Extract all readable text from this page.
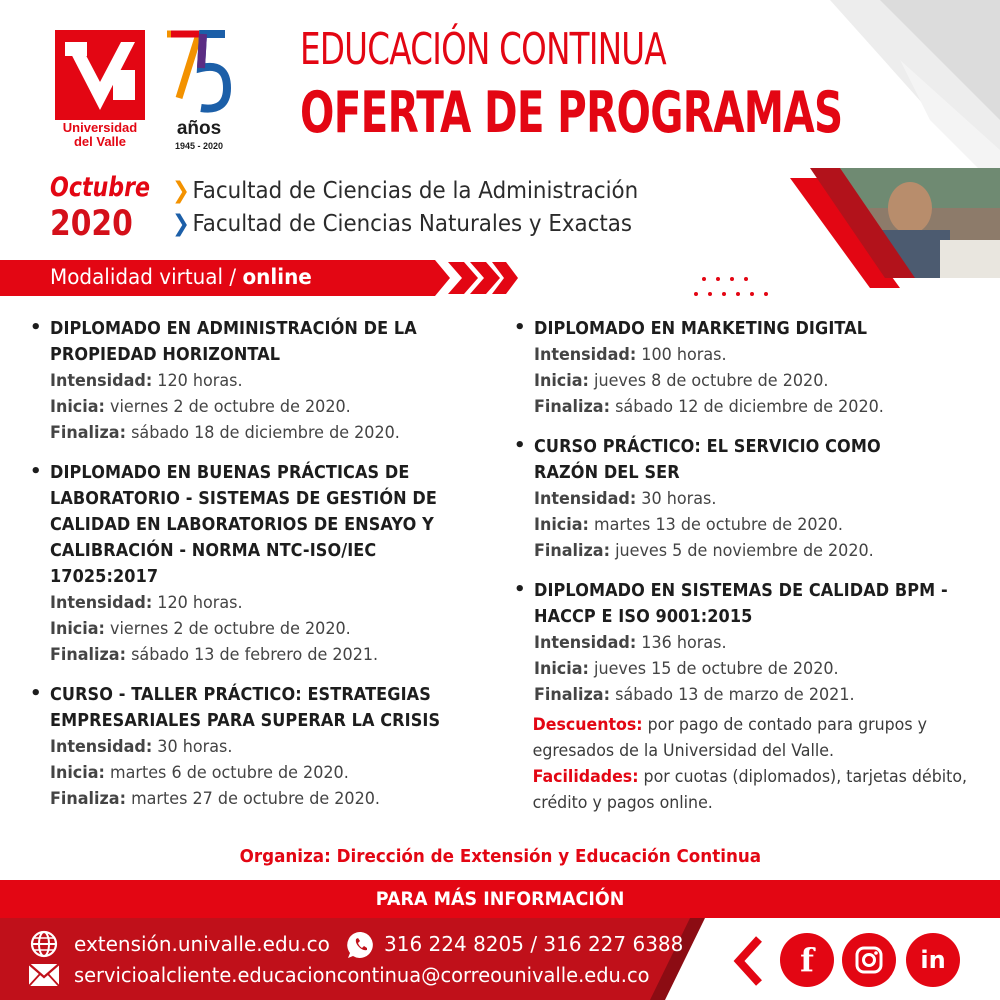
Universidad
del Valle
años
1945 - 2020
EDUCACIÓN CONTINUA
OFERTA DE PROGRAMAS
Octubre
2020
❯ Facultad de Ciencias de la Administración
❯ Facultad de Ciencias Naturales y Exactas
Modalidad virtual / online
• DIPLOMADO EN ADMINISTRACIÓN DE LA PROPIEDAD HORIZONTAL
Intensidad: 120 horas.
Inicia: viernes 2 de octubre de 2020.
Finaliza: sábado 18 de diciembre de 2020.
• DIPLOMADO EN BUENAS PRÁCTICAS DE LABORATORIO - SISTEMAS DE GESTIÓN DE CALIDAD EN LABORATORIOS DE ENSAYO Y CALIBRACIÓN - NORMA NTC-ISO/IEC 17025:2017
Intensidad: 120 horas.
Inicia: viernes 2 de octubre de 2020.
Finaliza: sábado 13 de febrero de 2021.
• CURSO - TALLER PRÁCTICO: ESTRATEGIAS EMPRESARIALES PARA SUPERAR LA CRISIS
Intensidad: 30 horas.
Inicia: martes 6 de octubre de 2020.
Finaliza: martes 27 de octubre de 2020.
• DIPLOMADO EN MARKETING DIGITAL
Intensidad: 100 horas.
Inicia: jueves 8 de octubre de 2020.
Finaliza: sábado 12 de diciembre de 2020.
• CURSO PRÁCTICO: EL SERVICIO COMO RAZÓN DEL SER
Intensidad: 30 horas.
Inicia: martes 13 de octubre de 2020.
Finaliza: jueves 5 de noviembre de 2020.
• DIPLOMADO EN SISTEMAS DE CALIDAD BPM - HACCP E ISO 9001:2015
Intensidad: 136 horas.
Inicia: jueves 15 de octubre de 2020.
Finaliza: sábado 13 de marzo de 2021.
Descuentos: por pago de contado para grupos y egresados de la Universidad del Valle.
Facilidades: por cuotas (diplomados), tarjetas débito, crédito y pagos online.
Organiza: Dirección de Extensión y Educación Continua
PARA MÁS INFORMACIÓN
extensión.univalle.edu.co	316 224 8205 / 316 227 6388
servicioalcliente.educacioncontinua@correounivalle.edu.co	f	in
